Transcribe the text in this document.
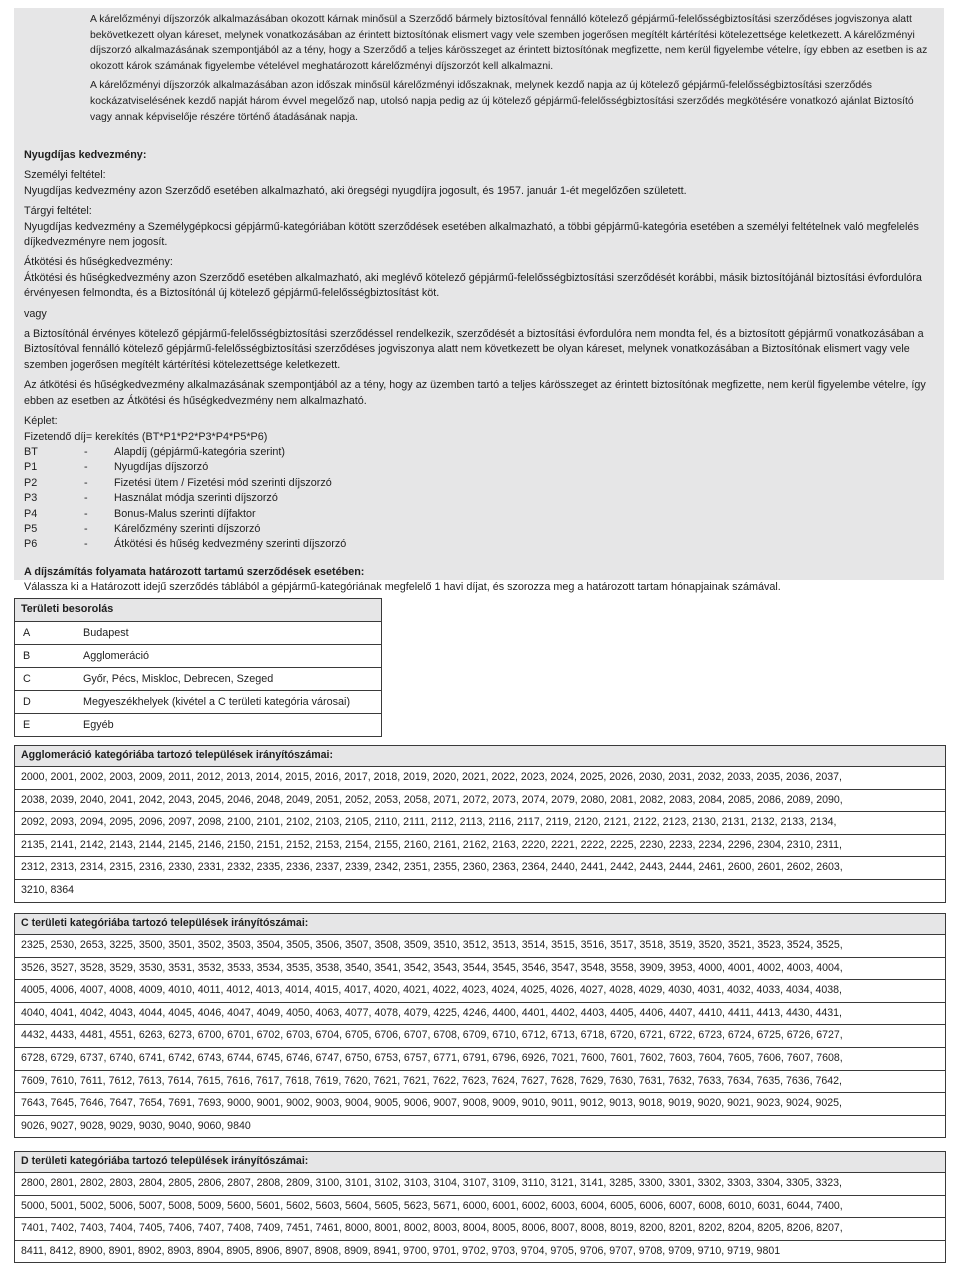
A kárelőzményi díjszorzók alkalmazásában okozott kárnak minősül a Szerződő bármely biztosítóval fennálló kötelező gépjármű-felelősségbiztosítási szerződéses jogviszonya alatt bekövetkezett olyan káreset, melynek vonatkozásában az érintett biztosítónak elismert vagy vele szemben jogerősen megítélt kártérítési kötelezettsége keletkezett. A kárelőzményi díjszorzó alkalmazásának szempontjából az a tény, hogy a Szerződő a teljes kárösszeget az érintett biztosítónak megfizette, nem kerül figyelembe vételre, így ebben az esetben is az okozott károk számának figyelembe vételével meghatározott kárelőzményi díjszorzót kell alkalmazni.

A kárelőzményi díjszorzók alkalmazásában azon időszak minősül kárelőzményi időszaknak, melynek kezdő napja az új kötelező gépjármű-felelősségbiztosítási szerződés kockázatviselésének kezdő napját három évvel megelőző nap, utolsó napja pedig az új kötelező gépjármű-felelősségbiztosítási szerződés megkötésére vonatkozó ajánlat Biztosító vagy annak képviselője részére történő átadásának napja.

Nyugdíjas kedvezmény:

Személyi feltétel:

Nyugdíjas kedvezmény azon Szerződő esetében alkalmazható, aki öregségi nyugdíjra jogosult, és 1957. január 1-ét megelőzően született.

Tárgyi feltétel:

Nyugdíjas kedvezmény a Személygépkocsi gépjármű-kategóriában kötött szerződések esetében alkalmazható, a többi gépjármű-kategória esetében a személyi feltételnek való megfelelés díjkedvezményre nem jogosít.

Átkötési és hűségkedvezmény:

Átkötési és hűségkedvezmény azon Szerződő esetében alkalmazható, aki meglévő kötelező gépjármű-felelősségbiztosítási szerződését korábbi, másik biztosítójánál biztosítási évfordulóra érvényesen felmondta, és a Biztosítónál új kötelező gépjármű-felelősségbiztosítást köt.

vagy

a Biztosítónál érvényes kötelező gépjármű-felelősségbiztosítási szerződéssel rendelkezik, szerződését a biztosítási évfordulóra nem mondta fel, és a biztosított gépjármű vonatkozásában a Biztosítóval fennálló kötelező gépjármű-felelősségbiztosítási szerződéses jogviszonya alatt nem következett be olyan káreset, melynek vonatkozásában a Biztosítónak elismert vagy vele szemben jogerősen megítélt kártérítési kötelezettsége keletkezett.

Az átkötési és hűségkedvezmény alkalmazásának szempontjából az a tény, hogy az üzemben tartó a teljes kárösszeget az érintett biztosítónak megfizette, nem kerül figyelembe vételre, így ebben az esetben az Átkötési és hűségkedvezmény nem alkalmazható.

Képlet:

Fizetendő díj= kerekítés (BT*P1*P2*P3*P4*P5*P6)

BT	-	Alapdíj (gépjármű-kategória szerint)
P1	-	Nyugdíjas díjszorzó
P2	-	Fizetési ütem / Fizetési mód szerinti díjszorzó
P3	-	Használat módja szerinti díjszorzó
P4	-	Bonus-Malus szerinti díjfaktor
P5	-	Kárelőzmény szerinti díjszorzó
P6	-	Átkötési és hűség kedvezmény szerinti díjszorzó

A díjszámítás folyamata határozott tartamú szerződések esetében:

Válassza ki a Határozott idejű szerződés táblából a gépjármű-kategóriának megfelelő 1 havi díjat, és szorozza meg a határozott tartam hónapjainak számával.

Területi besorolás
A	Budapest
B	Agglomeráció
C	Győr, Pécs, Miskloc, Debrecen, Szeged
D	Megyeszékhelyek (kivétel a C területi kategória városai)
E	Egyéb
Agglomeráció kategóriába tartozó települések irányítószámai:
2000, 2001, 2002, 2003, 2009, 2011, 2012, 2013, 2014, 2015, 2016, 2017, 2018, 2019, 2020, 2021, 2022, 2023, 2024, 2025, 2026, 2030, 2031, 2032, 2033, 2035, 2036, 2037,
2038, 2039, 2040, 2041, 2042, 2043, 2045, 2046, 2048, 2049, 2051, 2052, 2053, 2058, 2071, 2072, 2073, 2074, 2079, 2080, 2081, 2082, 2083, 2084, 2085, 2086, 2089, 2090,
2092, 2093, 2094, 2095, 2096, 2097, 2098, 2100, 2101, 2102, 2103, 2105, 2110, 2111, 2112, 2113, 2116, 2117, 2119, 2120, 2121, 2122, 2123, 2130, 2131, 2132, 2133, 2134,
2135, 2141, 2142, 2143, 2144, 2145, 2146, 2150, 2151, 2152, 2153, 2154, 2155, 2160, 2161, 2162, 2163, 2220, 2221, 2222, 2225, 2230, 2233, 2234, 2296, 2304, 2310, 2311,
2312, 2313, 2314, 2315, 2316, 2330, 2331, 2332, 2335, 2336, 2337, 2339, 2342, 2351, 2355, 2360, 2363, 2364, 2440, 2441, 2442, 2443, 2444, 2461, 2600, 2601, 2602, 2603,
3210, 8364
C területi kategóriába tartozó települések irányítószámai:
2325, 2530, 2653, 3225, 3500, 3501, 3502, 3503, 3504, 3505, 3506, 3507, 3508, 3509, 3510, 3512, 3513, 3514, 3515, 3516, 3517, 3518, 3519, 3520, 3521, 3523, 3524, 3525,
3526, 3527, 3528, 3529, 3530, 3531, 3532, 3533, 3534, 3535, 3538, 3540, 3541, 3542, 3543, 3544, 3545, 3546, 3547, 3548, 3558, 3909, 3953, 4000, 4001, 4002, 4003, 4004,
4005, 4006, 4007, 4008, 4009, 4010, 4011, 4012, 4013, 4014, 4015, 4017, 4020, 4021, 4022, 4023, 4024, 4025, 4026, 4027, 4028, 4029, 4030, 4031, 4032, 4033, 4034, 4038,
4040, 4041, 4042, 4043, 4044, 4045, 4046, 4047, 4049, 4050, 4063, 4077, 4078, 4079, 4225, 4246, 4400, 4401, 4402, 4403, 4405, 4406, 4407, 4410, 4411, 4413, 4430, 4431,
4432, 4433, 4481, 4551, 6263, 6273, 6700, 6701, 6702, 6703, 6704, 6705, 6706, 6707, 6708, 6709, 6710, 6712, 6713, 6718, 6720, 6721, 6722, 6723, 6724, 6725, 6726, 6727,
6728, 6729, 6737, 6740, 6741, 6742, 6743, 6744, 6745, 6746, 6747, 6750, 6753, 6757, 6771, 6791, 6796, 6926, 7021, 7600, 7601, 7602, 7603, 7604, 7605, 7606, 7607, 7608,
7609, 7610, 7611, 7612, 7613, 7614, 7615, 7616, 7617, 7618, 7619, 7620, 7621, 7621, 7622, 7623, 7624, 7627, 7628, 7629, 7630, 7631, 7632, 7633, 7634, 7635, 7636, 7642,
7643, 7645, 7646, 7647, 7654, 7691, 7693, 9000, 9001, 9002, 9003, 9004, 9005, 9006, 9007, 9008, 9009, 9010, 9011, 9012, 9013, 9018, 9019, 9020, 9021, 9023, 9024, 9025,
9026, 9027, 9028, 9029, 9030, 9040, 9060, 9840
D területi kategóriába tartozó települések irányítószámai:
2800, 2801, 2802, 2803, 2804, 2805, 2806, 2807, 2808, 2809, 3100, 3101, 3102, 3103, 3104, 3107, 3109, 3110, 3121, 3141, 3285, 3300, 3301, 3302, 3303, 3304, 3305, 3323,
5000, 5001, 5002, 5006, 5007, 5008, 5009, 5600, 5601, 5602, 5603, 5604, 5605, 5623, 5671, 6000, 6001, 6002, 6003, 6004, 6005, 6006, 6007, 6008, 6010, 6031, 6044, 7400,
7401, 7402, 7403, 7404, 7405, 7406, 7407, 7408, 7409, 7451, 7461, 8000, 8001, 8002, 8003, 8004, 8005, 8006, 8007, 8008, 8019, 8200, 8201, 8202, 8204, 8205, 8206, 8207,
8411, 8412, 8900, 8901, 8902, 8903, 8904, 8905, 8906, 8907, 8908, 8909, 8941, 9700, 9701, 9702, 9703, 9704, 9705, 9706, 9707, 9708, 9709, 9710, 9719, 9801
